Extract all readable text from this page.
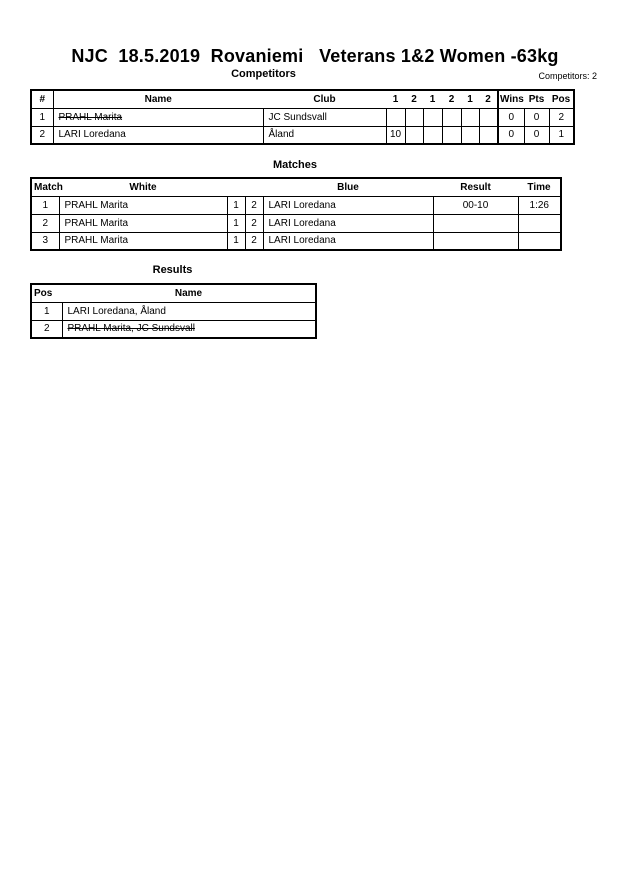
NJC  18.5.2019  Rovaniemi   Veterans 1&2 Women -63kg
Competitors	Competitors: 2
#	Name	Club	1	2	1	2	1	2	Wins	Pts	Pos
1	PRAHL Marita	JC Sundsvall							0	0	2
2	LARI Loredana	Åland	10						0	0	1
Matches
Match	White			Blue	Result	Time
1	PRAHL Marita	1	2	LARI Loredana	00-10	1:26
2	PRAHL Marita	1	2	LARI Loredana		
3	PRAHL Marita	1	2	LARI Loredana		
Results
Pos	Name
1	LARI Loredana, Åland
2	PRAHL Marita, JC Sundsvall
